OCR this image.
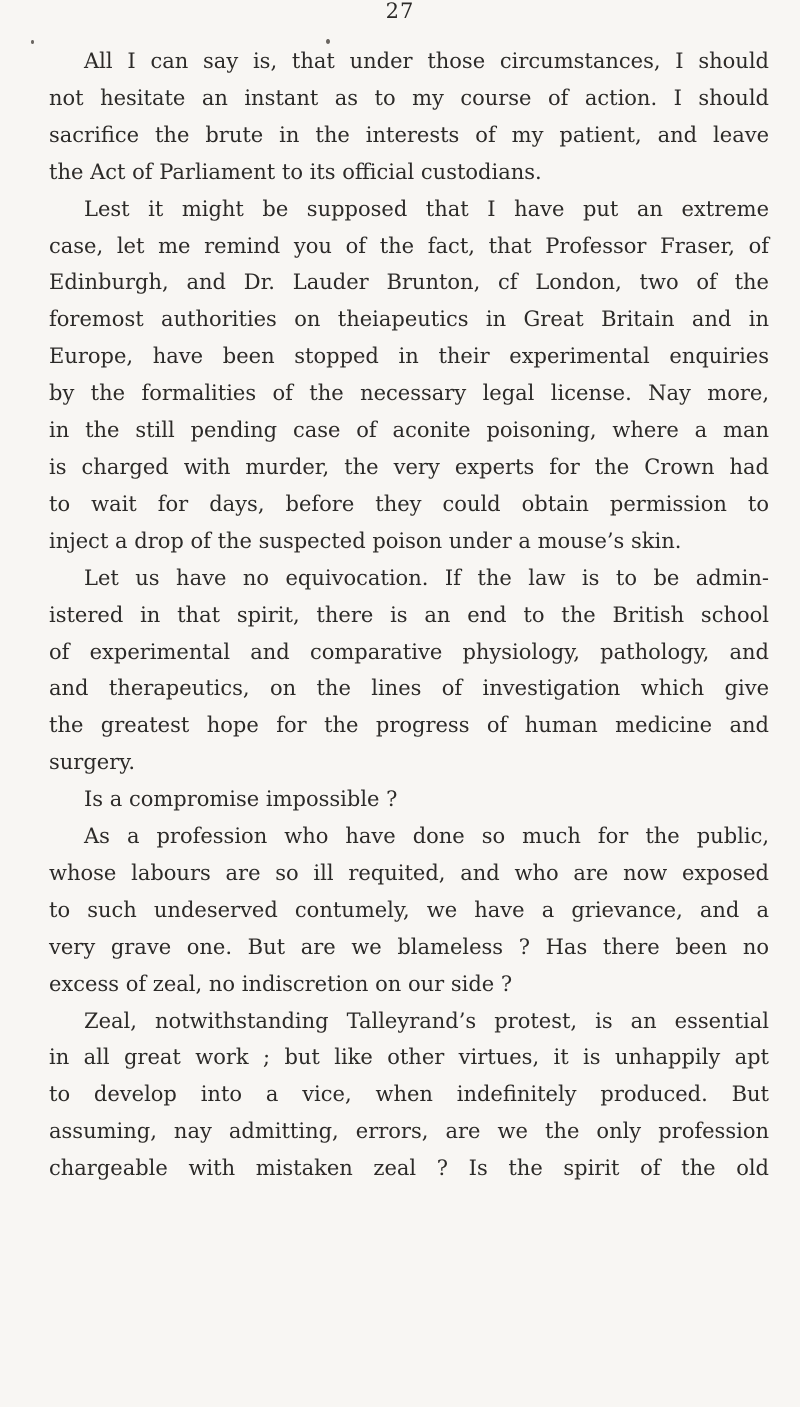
27

All I can say is, that under those circumstances, I should
not hesitate an instant as to my course of action. I should
sacrifice the brute in the interests of my patient, and leave
the Act of Parliament to its official custodians.

Lest it might be supposed that I have put an extreme
case, let me remind you of the fact, that Professor Fraser, of
Edinburgh, and Dr. Lauder Brunton, cf London, two of the
foremost authorities on theiapeutics in Great Britain and in
Europe, have been stopped in their experimental enquiries
by the formalities of the necessary legal license. Nay more,
in the still pending case of aconite poisoning, where a man
is charged with murder, the very experts for the Crown had
to wait for days, before they could obtain permission to
inject a drop of the suspected poison under a mouse’s skin.

Let us have no equivocation. If the law is to be admin-
istered in that spirit, there is an end to the British school
of experimental and comparative physiology, pathology, and
and therapeutics, on the lines of investigation which give
the greatest hope for the progress of human medicine and
surgery.

Is a compromise impossible ?

As a profession who have done so much for the public,
whose labours are so ill requited, and who are now exposed
to such undeserved contumely, we have a grievance, and a
very grave one. But are we blameless ? Has there been no
excess of zeal, no indiscretion on our side ?

Zeal, notwithstanding Talleyrand’s protest, is an essential
in all great work ; but like other virtues, it is unhappily apt
to develop into a vice, when indefinitely produced. But
assuming, nay admitting, errors, are we the only profession
chargeable with mistaken zeal ? Is the spirit of the old
